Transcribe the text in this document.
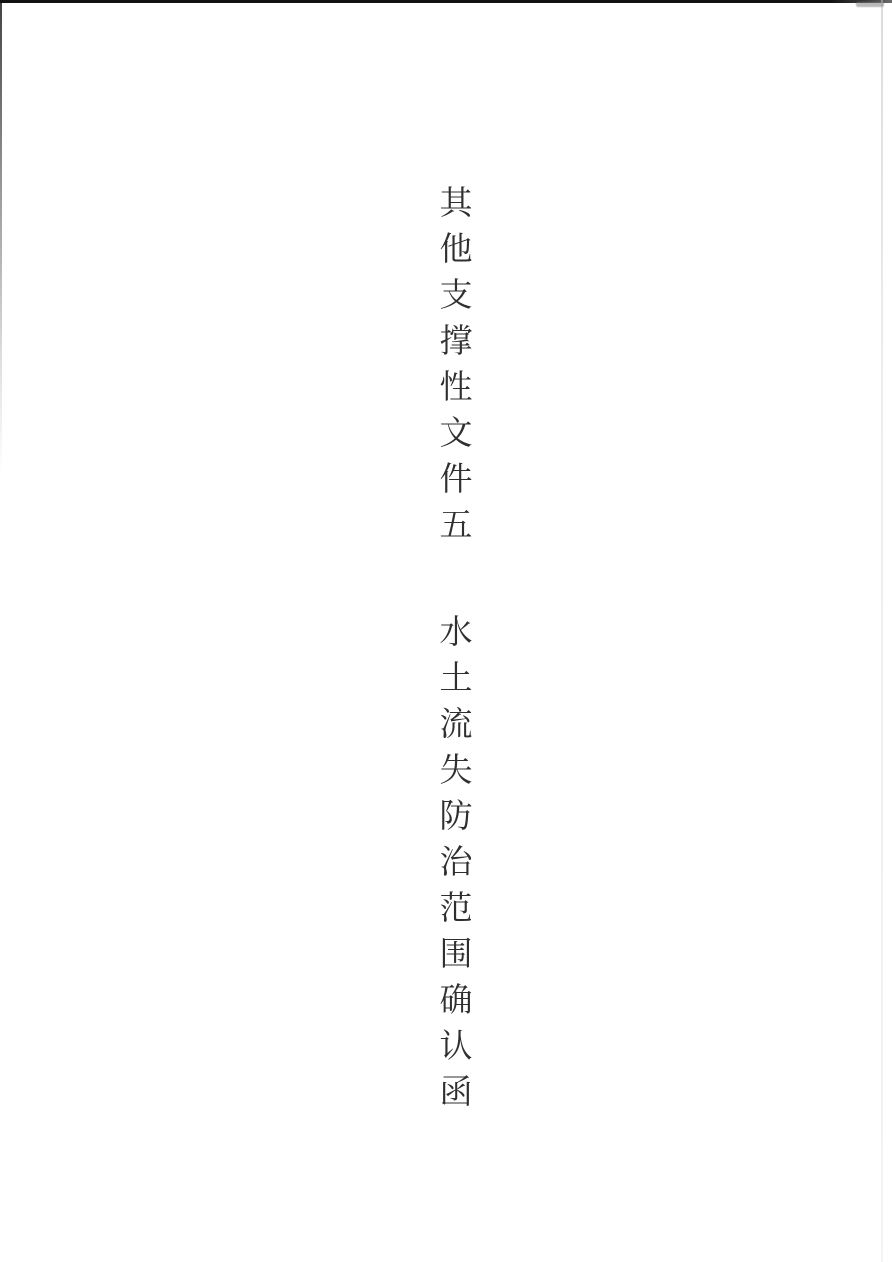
其他支撑性文件五
水土流失防治范围确认函
